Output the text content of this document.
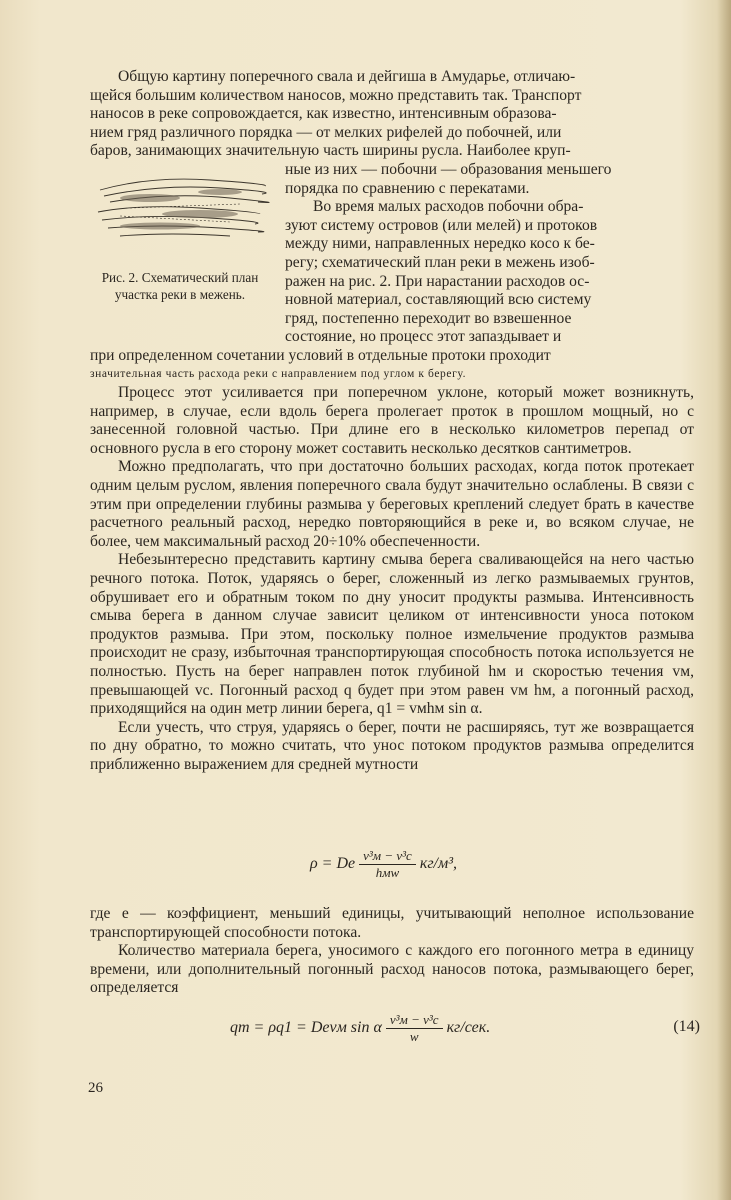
Общую картину поперечного свала и дейгиша в Амударье, отличаю-

щейся большим количеством наносов, можно представить так. Транспорт

наносов в реке сопровождается, как известно, интенсивным образова-

нием гряд различного порядка — от мелких рифелей до побочней, или

баров, занимающих значительную часть ширины русла. Наиболее круп-

Рис. 2. Схематический план участка реки в межень.

ные из них — побочни — образования меньшего

порядка по сравнению с перекатами.

Во время малых расходов побочни обра-

зуют систему островов (или мелей) и протоков

между ними, направленных нередко косо к бе-

регу; схематический план реки в межень изоб-

ражен на рис. 2. При нарастании расходов ос-

новной материал, составляющий всю систему

гряд, постепенно переходит во взвешенное

состояние, но процесс этот запаздывает и

при определенном сочетании условий в отдельные протоки проходит

значительная часть расхода реки с направлением под углом к берегу.

Процесс этот усиливается при поперечном уклоне, который может возникнуть, например, в случае, если вдоль берега пролегает проток в прошлом мощный, но с занесенной головной частью. При длине его в несколько километров перепад от основного русла в его сторону может составить несколько десятков сантиметров.

Можно предполагать, что при достаточно больших расходах, когда поток протекает одним целым руслом, явления поперечного свала будут значительно ослаблены. В связи с этим при определении глубины размыва у береговых креплений следует брать в качестве расчетного реальный расход, нередко повторяющийся в реке и, во всяком случае, не более, чем максимальный расход 20÷10% обеспеченности.

Небезынтересно представить картину смыва берега сваливающейся на него частью речного потока. Поток, ударяясь о берег, сложенный из легко размываемых грунтов, обрушивает его и обратным током по дну уносит продукты размыва. Интенсивность смыва берега в данном случае зависит целиком от интенсивности уноса потоком продуктов размыва. При этом, поскольку полное измельчение продуктов размыва происходит не сразу, избыточная транспортирующая способность потока используется не полностью. Пусть на берег направлен поток глубиной hм и скоростью течения vм, превышающей vc. Погонный расход q будет при этом равен vм hм, а погонный расход, приходящийся на один метр линии берега, q1 = vмhм sin α.

Если учесть, что струя, ударяясь о берег, почти не расширяясь, тут же возвращается по дну обратно, то можно считать, что унос потоком продуктов размыва определится приближенно выражением для средней мутности

ρ = De $\frac{\text{v³м − v³c}}{\text{hмw}} кг/м^3$,

где e — коэффициент, меньший единицы, учитывающий неполное использование транспортирующей способности потока.

Количество материала берега, уносимого с каждого его погонного метра в единицу времени, или дополнительный погонный расход наносов потока, размывающего берег, определяется

qт = ρq1 = Devм sin α $\frac{\text{v³м − v³c}}{w} кг/сек$.	(14)
26
